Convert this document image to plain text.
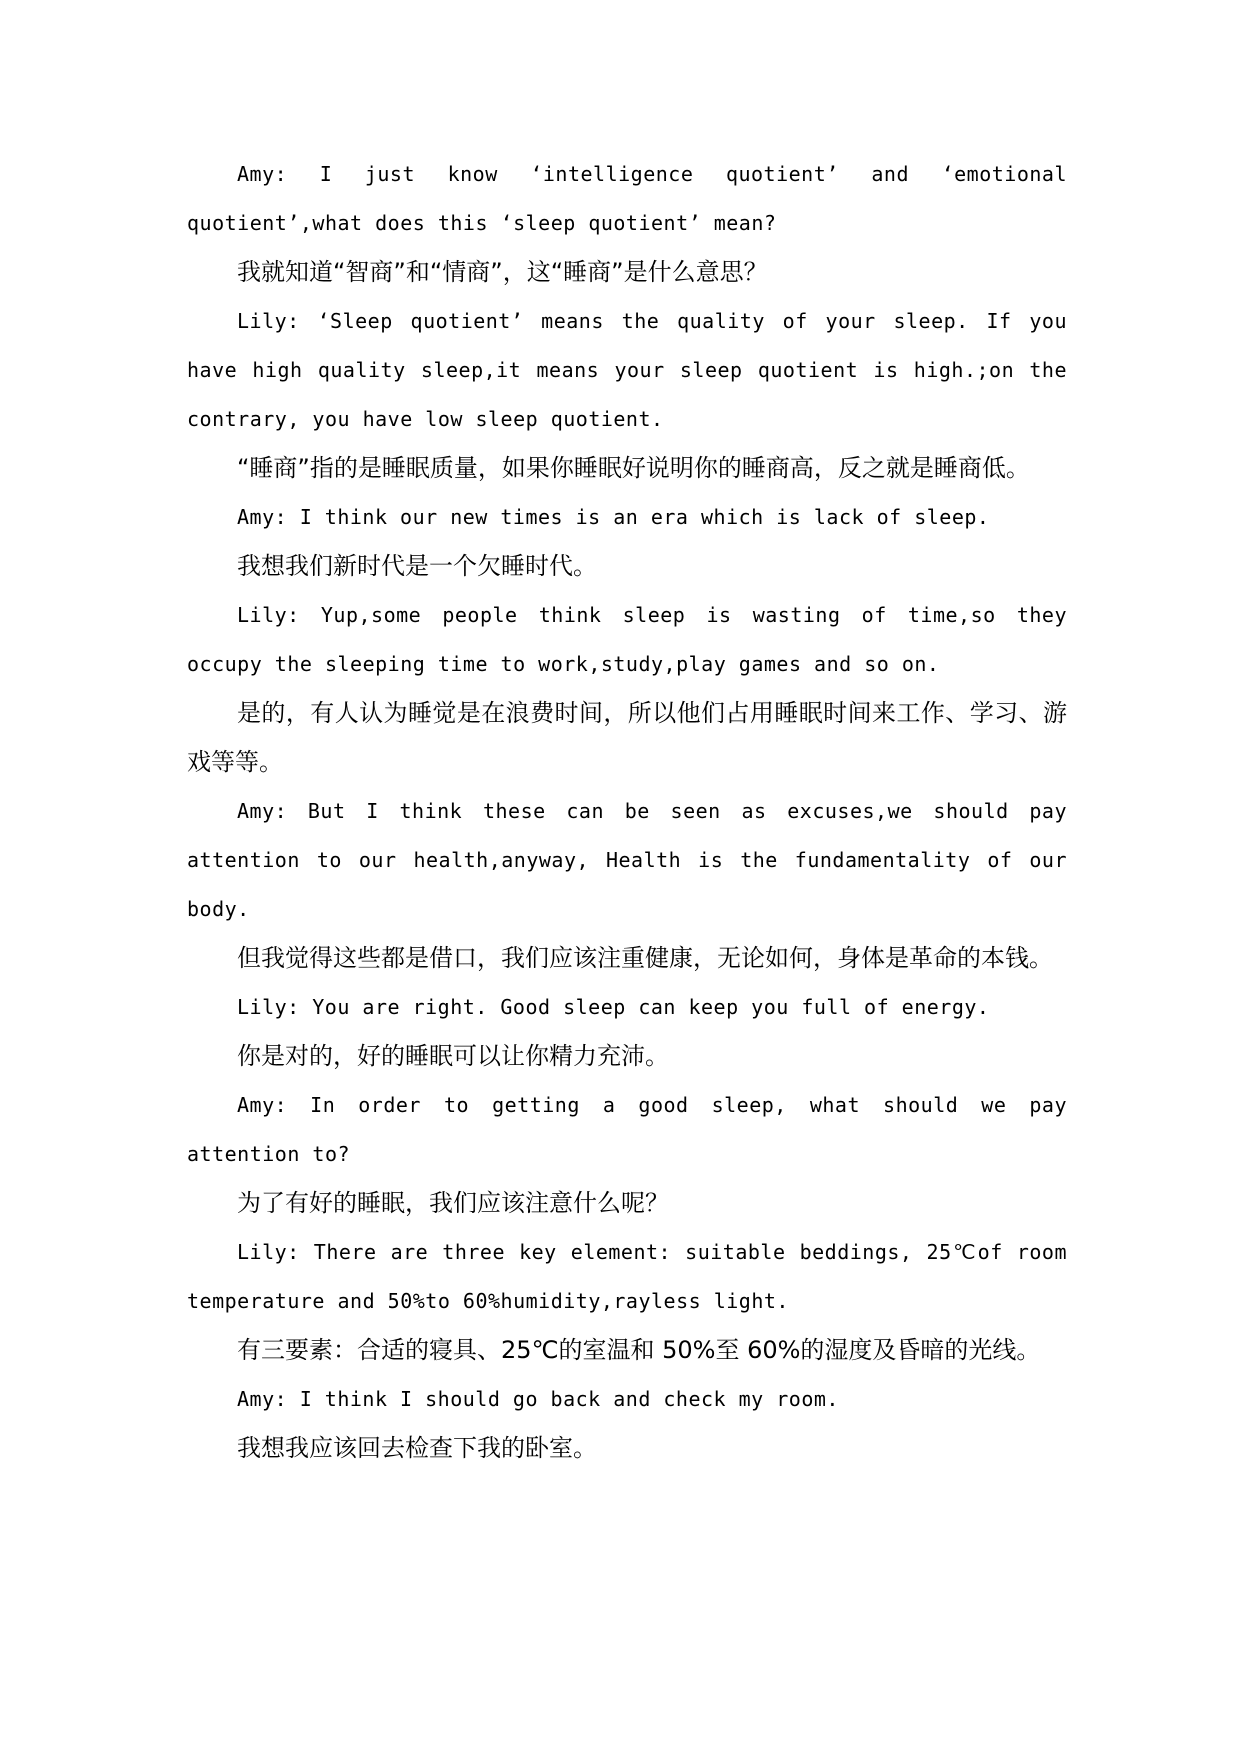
Amy: I just know ‘intelligence quotient’ and ‘emotional quotient’,what does this ‘sleep quotient’ mean?

我就知道“智商”和“情商”，这“睡商”是什么意思？

Lily: ‘Sleep quotient’ means the quality of your sleep. If you have high quality sleep,it means your sleep quotient is high.;on the contrary, you have low sleep quotient.

“睡商”指的是睡眠质量，如果你睡眠好说明你的睡商高，反之就是睡商低。

Amy: I think our new times is an era which is lack of sleep.

我想我们新时代是一个欠睡时代。

Lily: Yup,some people think sleep is wasting of time,so they occupy the sleeping time to work,study,play games and so on.

是的，有人认为睡觉是在浪费时间，所以他们占用睡眠时间来工作、学习、游戏等等。

Amy: But I think these can be seen as excuses,we should pay attention to our health,anyway, Health is the fundamentality of our body.

但我觉得这些都是借口，我们应该注重健康，无论如何，身体是革命的本钱。

Lily: You are right. Good sleep can keep you full of energy.

你是对的，好的睡眠可以让你精力充沛。

Amy: In order to getting a good sleep, what should we pay attention to?

为了有好的睡眠，我们应该注意什么呢？

Lily: There are three key element: suitable beddings, 25℃of room temperature and 50%to 60%humidity,rayless light.

有三要素：合适的寝具、25℃的室温和 50%至 60%的湿度及昏暗的光线。

Amy: I think I should go back and check my room.

我想我应该回去检查下我的卧室。
